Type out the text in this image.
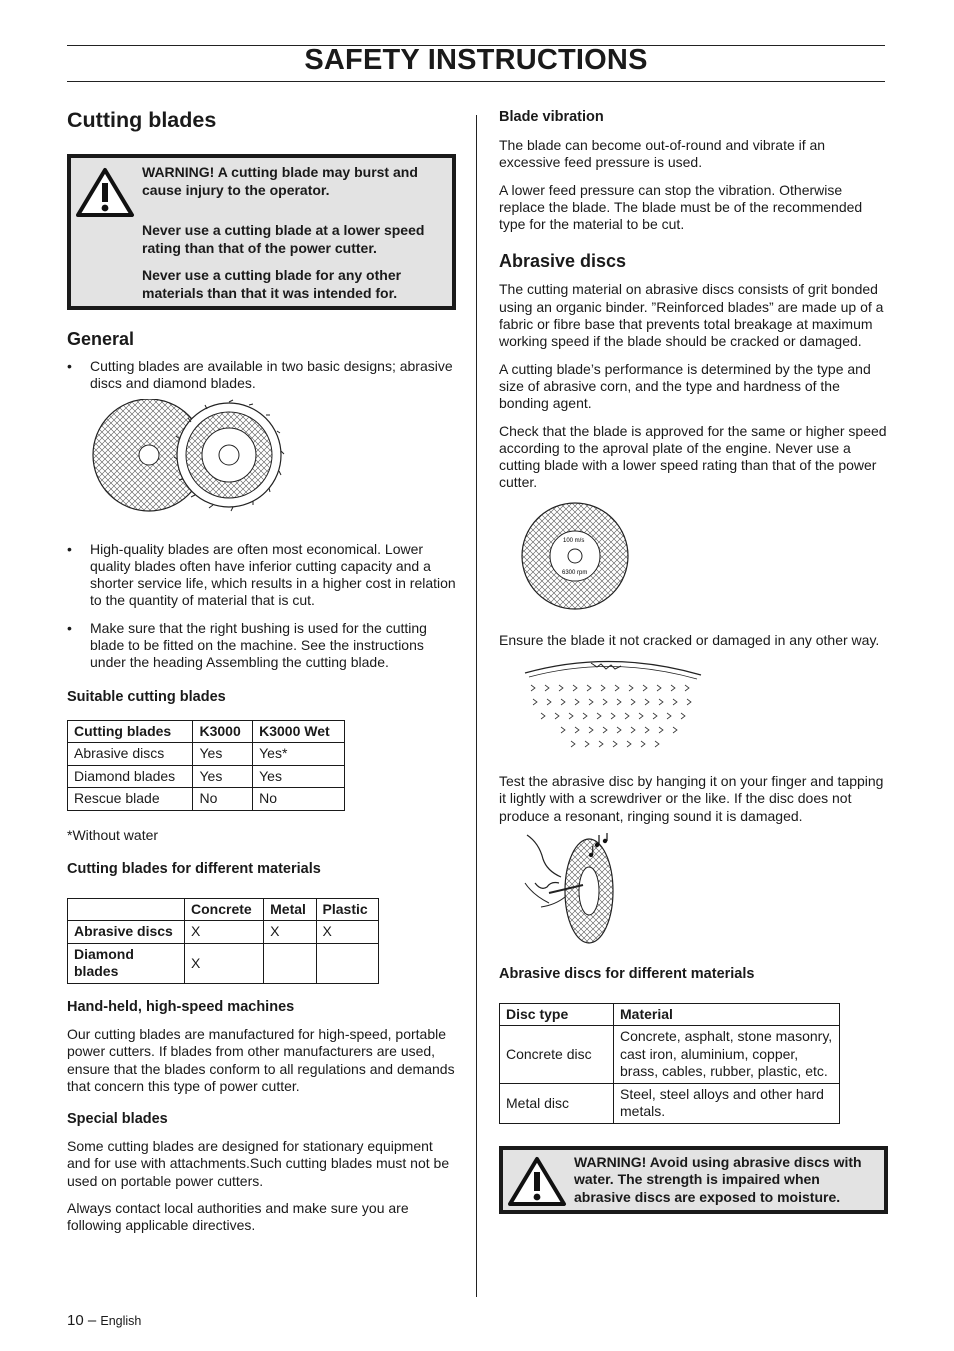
SAFETY INSTRUCTIONS
Cutting blades

WARNING! A cutting blade may burst and cause injury to the operator.

Never use a cutting blade at a lower speed rating than that of the power cutter.

Never use a cutting blade for any other materials than that it was intended for.

General
• Cutting blades are available in two basic designs; abrasive discs and diamond blades.
• High-quality blades are often most economical. Lower quality blades often have inferior cutting capacity and a shorter service life, which results in a higher cost in relation to the quantity of material that is cut.
• Make sure that the right bushing is used for the cutting blade to be fitted on the machine. See the instructions under the heading Assembling the cutting blade.
Suitable cutting blades
Cutting blades	K3000	K3000 Wet
Abrasive discs	Yes	Yes*
Diamond blades	Yes	Yes
Rescue blade	No	No

*Without water

Cutting blades for different materials
	Concrete	Metal	Plastic
Abrasive discs	X	X	X
Diamond blades	X		
Hand-held, high-speed machines

Our cutting blades are manufactured for high-speed, portable power cutters. If blades from other manufacturers are used, ensure that the blades conform to all regulations and demands that concern this type of power cutter.

Special blades

Some cutting blades are designed for stationary equipment and for use with attachments.Such cutting blades must not be used on portable power cutters.

Always contact local authorities and make sure you are following applicable directives.

Blade vibration

The blade can become out-of-round and vibrate if an excessive feed pressure is used.

A lower feed pressure can stop the vibration. Otherwise replace the blade. The blade must be of the recommended type for the material to be cut.

Abrasive discs

The cutting material on abrasive discs consists of grit bonded using an organic binder. ”Reinforced blades” are made up of a fabric or fibre base that prevents total breakage at maximum working speed if the blade should be cracked or damaged.

A cutting blade’s performance is determined by the type and size of abrasive corn, and the type and hardness of the bonding agent.

Check that the blade is approved for the same or higher speed according to the aproval plate of the engine. Never use a cutting blade with a lower speed rating than that of the power cutter.

100 m/s
6300 rpm

Ensure the blade it not cracked or damaged in any other way.

Test the abrasive disc by hanging it on your finger and tapping it lightly with a screwdriver or the like. If the disc does not produce a resonant, ringing sound it is damaged.

Abrasive discs for different materials
Disc type	Material
Concrete disc	Concrete, asphalt, stone masonry, cast iron, aluminium, copper, brass, cables, rubber, plastic, etc.
Metal disc	Steel, steel alloys and other hard metals.

WARNING! Avoid using abrasive discs with water. The strength is impaired when abrasive discs are exposed to moisture.

10 – English
